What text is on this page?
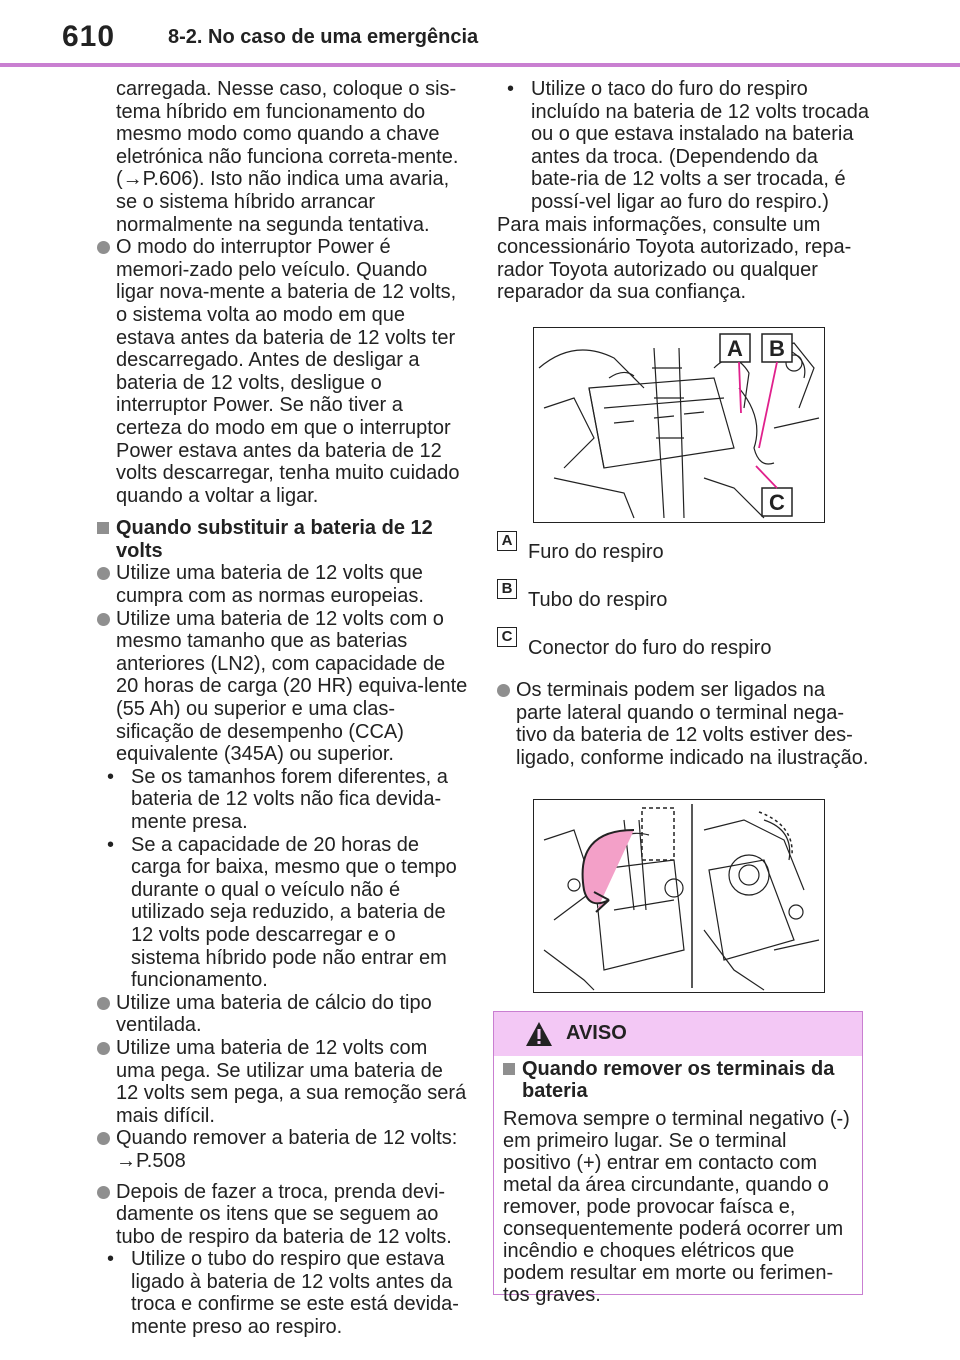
610	8-2. No caso de uma emergência

carregada. Nesse caso, coloque o sis-tema híbrido em funcionamento do mesmo modo como quando a chave eletrónica não funciona correta-mente. (→P.606). Isto não indica uma avaria, se o sistema híbrido arrancar normalmente na segunda tentativa.

O modo do interruptor Power é memori-zado pelo veículo. Quando ligar nova-mente a bateria de 12 volts, o sistema volta ao modo em que estava antes da bateria de 12 volts ter descarregado. Antes de desligar a bateria de 12 volts, desligue o interruptor Power. Se não tiver a certeza do modo em que o interruptor Power estava antes da bateria de 12 volts descarregar, tenha muito cuidado quando a voltar a ligar.

Quando substituir a bateria de 12 volts

Utilize uma bateria de 12 volts que cumpra com as normas europeias.

Utilize uma bateria de 12 volts com o mesmo tamanho que as baterias anteriores (LN2), com capacidade de 20 horas de carga (20 HR) equiva-lente (55 Ah) ou superior e uma clas-sificação de desempenho (CCA) equivalente (345A) ou superior.

• Se os tamanhos forem diferentes, a bateria de 12 volts não fica devida-mente presa.

• Se a capacidade de 20 horas de carga for baixa, mesmo que o tempo durante o qual o veículo não é utilizado seja reduzido, a bateria de 12 volts pode descarregar e o sistema híbrido pode não entrar em funcionamento.

Utilize uma bateria de cálcio do tipo ventilada.

Utilize uma bateria de 12 volts com uma pega. Se utilizar uma bateria de 12 volts sem pega, a sua remoção será mais difícil.

Quando remover a bateria de 12 volts: →P.508

Depois de fazer a troca, prenda devi-damente os itens que se seguem ao tubo de respiro da bateria de 12 volts.

• Utilize o tubo do respiro que estava ligado à bateria de 12 volts antes da troca e confirme se este está devida-mente preso ao respiro.

• Utilize o taco do furo do respiro incluído na bateria de 12 volts trocada ou o que estava instalado na bateria antes da troca. (Dependendo da bate-ria de 12 volts a ser trocada, é possí-vel ligar ao furo do respiro.)

Para mais informações, consulte um concessionário Toyota autorizado, repa-rador Toyota autorizado ou qualquer reparador da sua confiança.

A B
C
A
Furo do respiro
B
Tubo do respiro
C
Conector do furo do respiro

Os terminais podem ser ligados na parte lateral quando o terminal nega-tivo da bateria de 12 volts estiver des-ligado, conforme indicado na ilustração.

AVISO

Quando remover os terminais da bateria

Remova sempre o terminal negativo (-) em primeiro lugar. Se o terminal positivo (+) entrar em contacto com metal da área circundante, quando o remover, pode provocar faísca e, consequentemente poderá ocorrer um incêndio e choques elétricos que podem resultar em morte ou ferimen-tos graves.
